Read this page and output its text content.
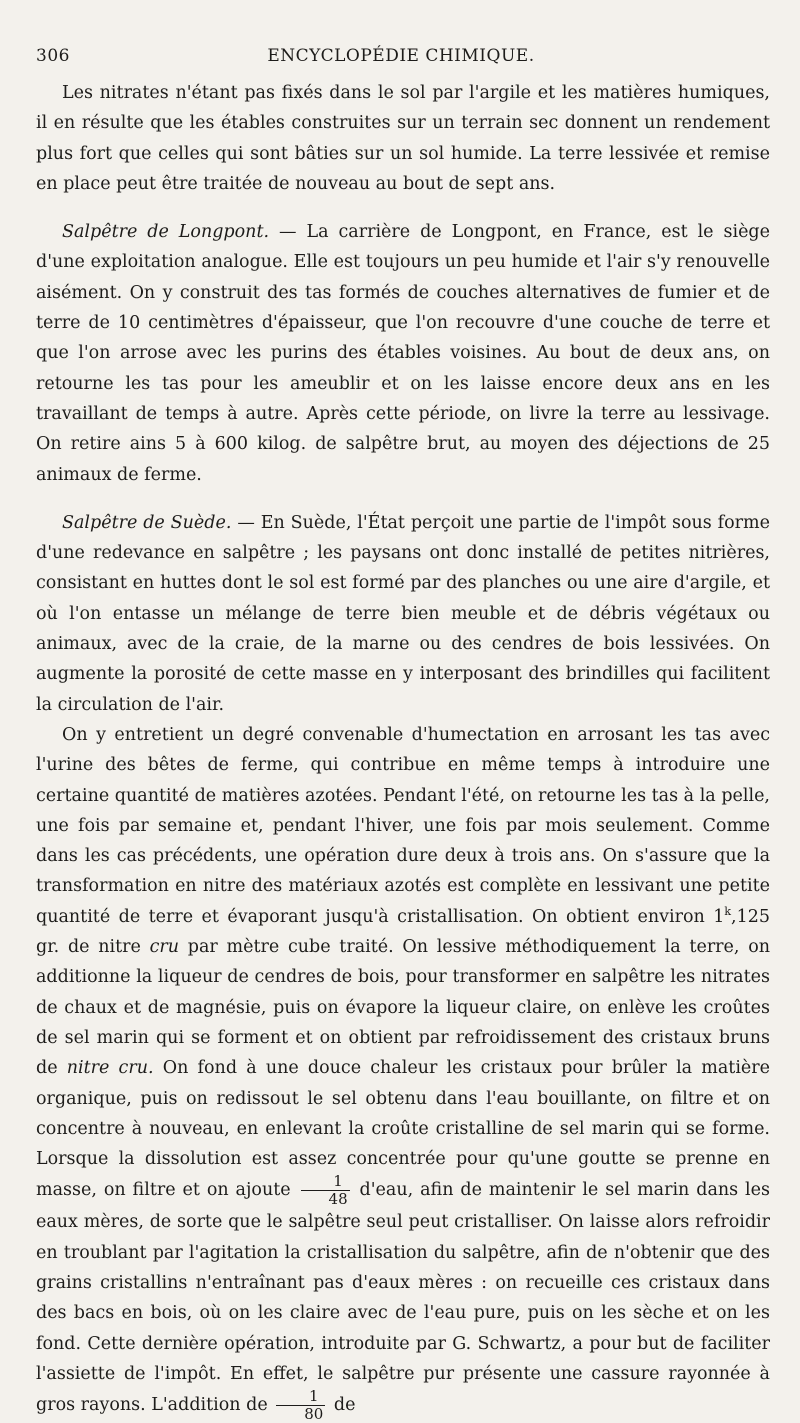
306	ENCYCLOPÉDIE CHIMIQUE.

Les nitrates n'étant pas fixés dans le sol par l'argile et les matières humiques, il en résulte que les étables construites sur un terrain sec donnent un rendement plus fort que celles qui sont bâties sur un sol humide. La terre lessivée et remise en place peut être traitée de nouveau au bout de sept ans.

Salpêtre de Longpont. — La carrière de Longpont, en France, est le siège d'une exploitation analogue. Elle est toujours un peu humide et l'air s'y renouvelle aisément. On y construit des tas formés de couches alternatives de fumier et de terre de 10 centimètres d'épaisseur, que l'on recouvre d'une couche de terre et que l'on arrose avec les purins des étables voisines. Au bout de deux ans, on retourne les tas pour les ameublir et on les laisse encore deux ans en les travaillant de temps à autre. Après cette période, on livre la terre au lessivage. On retire ains 5 à 600 kilog. de salpêtre brut, au moyen des déjections de 25 animaux de ferme.

Salpêtre de Suède. — En Suède, l'État perçoit une partie de l'impôt sous forme d'une redevance en salpêtre ; les paysans ont donc installé de petites nitrières, consistant en huttes dont le sol est formé par des planches ou une aire d'argile, et où l'on entasse un mélange de terre bien meuble et de débris végétaux ou animaux, avec de la craie, de la marne ou des cendres de bois lessivées. On augmente la porosité de cette masse en y interposant des brindilles qui facilitent la circulation de l'air.

On y entretient un degré convenable d'humectation en arrosant les tas avec l'urine des bêtes de ferme, qui contribue en même temps à introduire une certaine quantité de matières azotées. Pendant l'été, on retourne les tas à la pelle, une fois par semaine et, pendant l'hiver, une fois par mois seulement. Comme dans les cas précédents, une opération dure deux à trois ans. On s'assure que la transformation en nitre des matériaux azotés est complète en lessivant une petite quantité de terre et évaporant jusqu'à cristallisation. On obtient environ 1$^k$,125 gr. de nitre cru par mètre cube traité. On lessive méthodiquement la terre, on additionne la liqueur de cendres de bois, pour transformer en salpêtre les nitrates de chaux et de magnésie, puis on évapore la liqueur claire, on enlève les croûtes de sel marin qui se forment et on obtient par refroidissement des cristaux bruns de nitre cru. On fond à une douce chaleur les cristaux pour brûler la matière organique, puis on redissout le sel obtenu dans l'eau bouillante, on filtre et on concentre à nouveau, en enlevant la croûte cristalline de sel marin qui se forme. Lorsque la dissolution est assez concentrée pour qu'une goutte se prenne en masse, on filtre et on ajoute $\frac{1}{48} d'eau$, afin de maintenir le sel marin dans les eaux mères, de sorte que le salpêtre seul peut cristalliser. On laisse alors refroidir en troublant par l'agitation la cristallisation du salpêtre, afin de n'obtenir que des grains cristallins n'entraînant pas d'eaux mères : on recueille ces cristaux dans des bacs en bois, où on les claire avec de l'eau pure, puis on les sèche et on les fond. Cette dernière opération, introduite par G. Schwartz, a pour but de faciliter l'assiette de l'impôt. En effet, le salpêtre pur présente une cassure rayonnée à gros rayons. L'addition de $\frac{1}{80}$ de
